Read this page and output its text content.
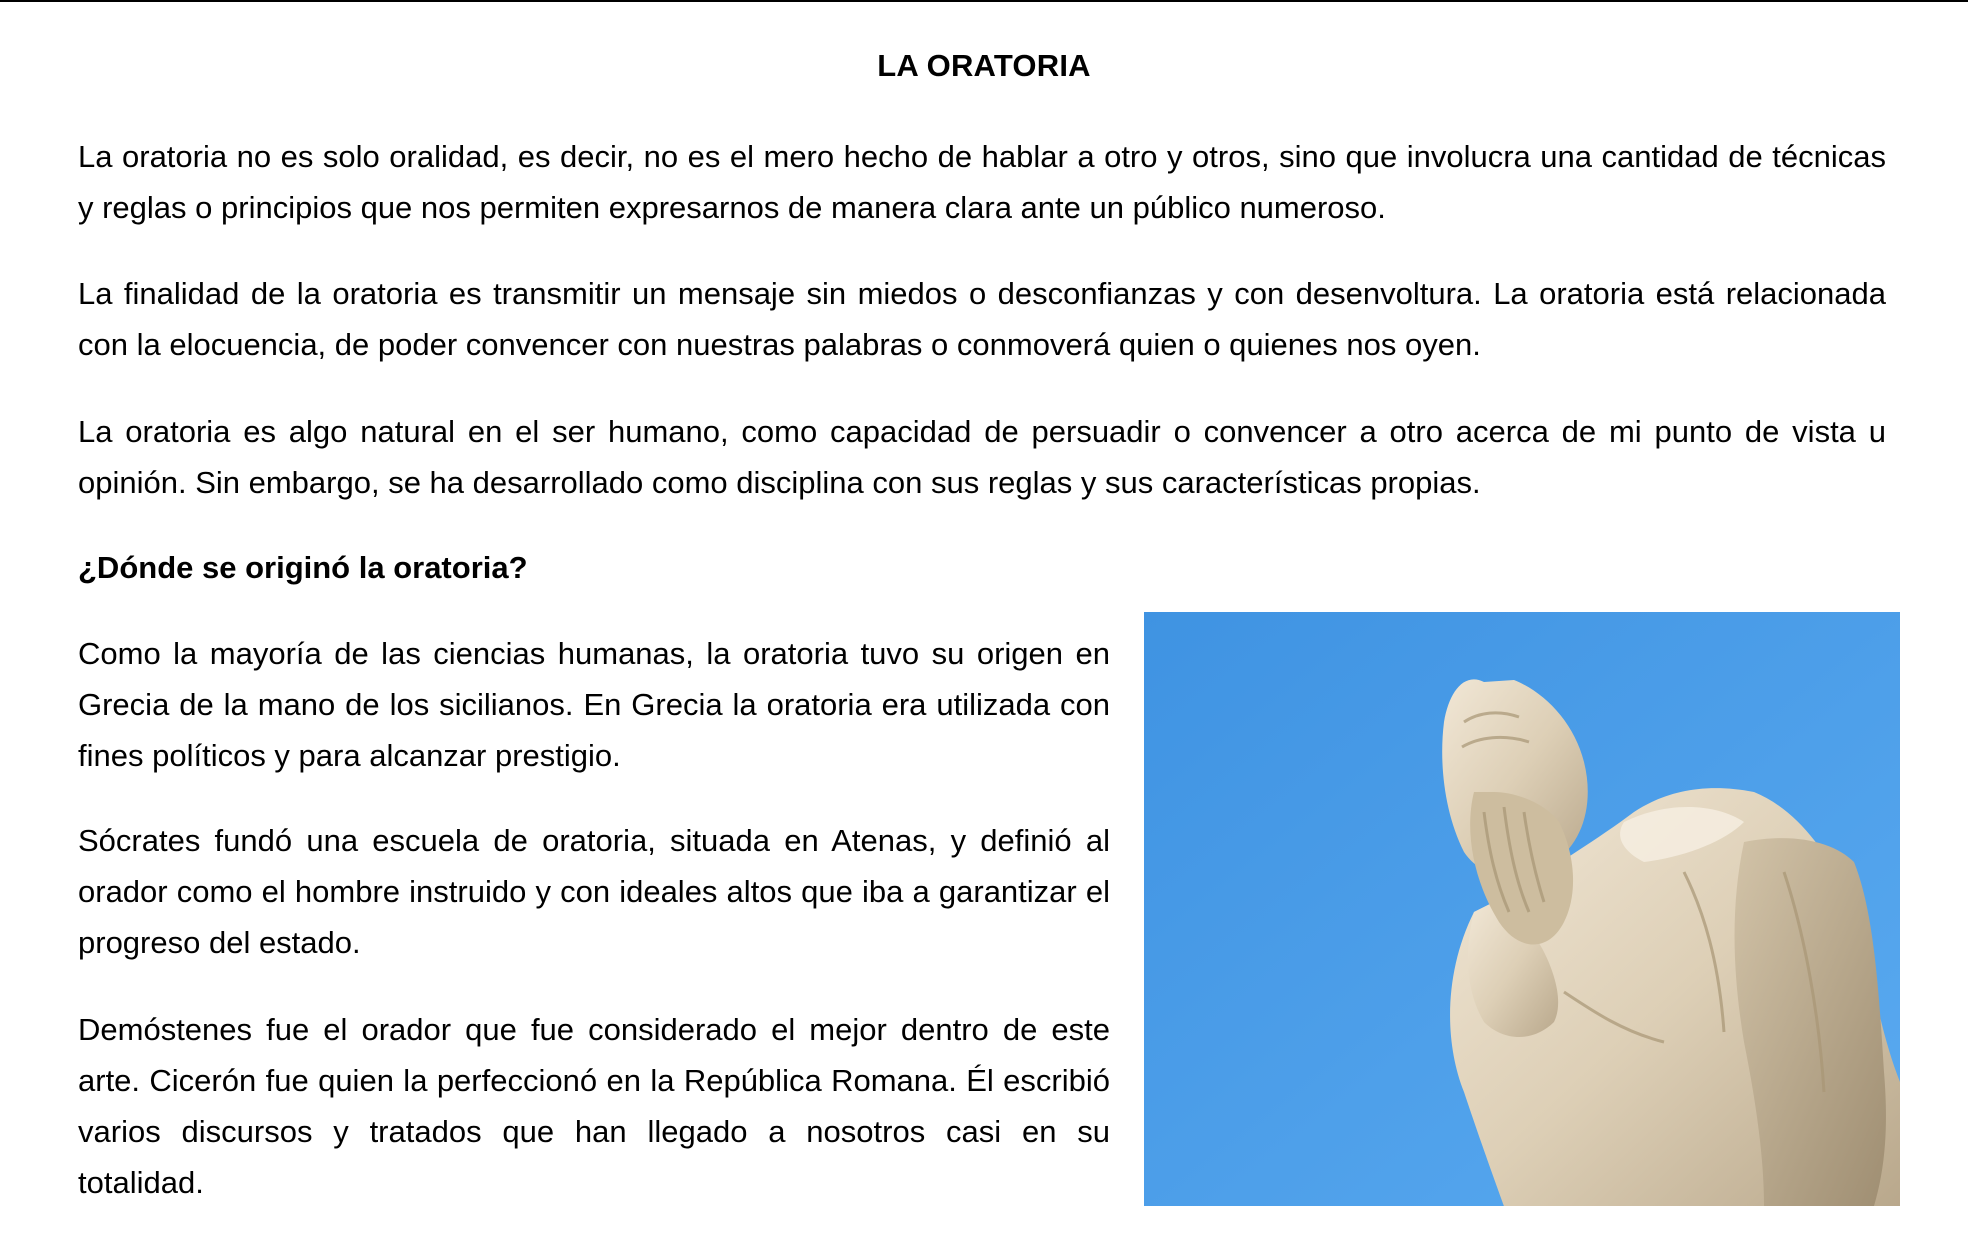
LA ORATORIA

La oratoria no es solo oralidad, es decir, no es el mero hecho de hablar a otro y otros, sino que involucra una cantidad de técnicas y reglas o principios que nos permiten expresarnos de manera clara ante un público numeroso.

La finalidad de la oratoria es transmitir un mensaje sin miedos o desconfianzas y con desenvoltura. La oratoria está relacionada con la elocuencia, de poder convencer con nuestras palabras o conmoverá quien o quienes nos oyen.

La oratoria es algo natural en el ser humano, como capacidad de persuadir o convencer a otro acerca de mi punto de vista u opinión. Sin embargo, se ha desarrollado como disciplina con sus reglas y sus características propias.

¿Dónde se originó la oratoria?

Como la mayoría de las ciencias humanas, la oratoria tuvo su origen en Grecia de la mano de los sicilianos. En Grecia la oratoria era utilizada con fines políticos y para alcanzar prestigio.

Sócrates fundó una escuela de oratoria, situada en Atenas, y definió al orador como el hombre instruido y con ideales altos que iba a garantizar el progreso del estado.

Demóstenes fue el orador que fue considerado el mejor dentro de este arte. Cicerón fue quien la perfeccionó en la República Romana. Él escribió varios discursos y tratados que han llegado a nosotros casi en su totalidad.
